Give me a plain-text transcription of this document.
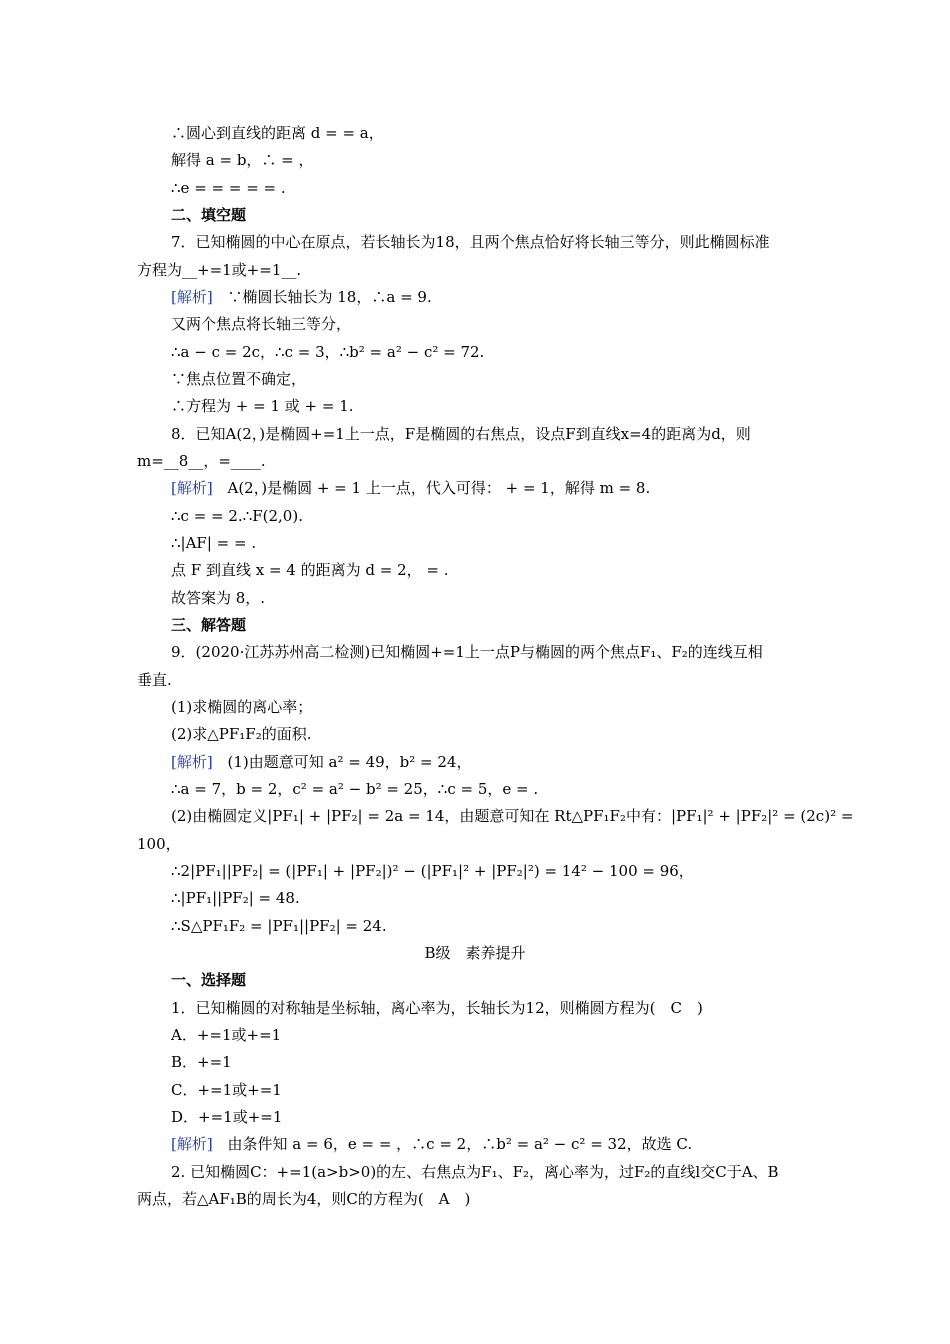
∴圆心到直线的距离 d = = a，
解得 a = b，∴ = ，
∴e = = = = = .
二、填空题
7．已知椭圆的中心在原点，若长轴长为18，且两个焦点恰好将长轴三等分，则此椭圆标准
方程为__+=1或+=1__.
[解析] ∵椭圆长轴长为 18，∴a = 9.
又两个焦点将长轴三等分，
∴a − c = 2c，∴c = 3，∴b² = a² − c² = 72.
∵焦点位置不确定，
∴方程为 + = 1 或 + = 1.
8．已知A(2，)是椭圆+=1上一点，F是椭圆的右焦点，设点F到直线x=4的距离为d，则
m=__8__，=____.
[解析] A(2，)是椭圆 + = 1 上一点，代入可得： + = 1，解得 m = 8.
∴c = = 2.∴F(2,0).
∴|AF| = = .
点 F 到直线 x = 4 的距离为 d = 2， = .
故答案为 8，.
三、解答题
9．(2020·江苏苏州高二检测)已知椭圆+=1上一点P与椭圆的两个焦点F₁、F₂的连线互相
垂直.
(1)求椭圆的离心率；
(2)求△PF₁F₂的面积.
[解析] (1)由题意可知 a² = 49，b² = 24，
∴a = 7，b = 2，c² = a² − b² = 25，∴c = 5，e = .
(2)由椭圆定义|PF₁| + |PF₂| = 2a = 14，由题意可知在 Rt△PF₁F₂中有：|PF₁|² + |PF₂|² = (2c)² =
100，
∴2|PF₁||PF₂| = (|PF₁| + |PF₂|)² − (|PF₁|² + |PF₂|²) = 14² − 100 = 96，
∴|PF₁||PF₂| = 48.
∴S△PF₁F₂ = |PF₁||PF₂| = 24.
B级　素养提升
一、选择题
1．已知椭圆的对称轴是坐标轴，离心率为，长轴长为12，则椭圆方程为(　C　)
A．+=1或+=1
B．+=1
C．+=1或+=1
D．+=1或+=1
[解析] 由条件知 a = 6，e = = ，∴c = 2，∴b² = a² − c² = 32，故选 C.
2. 已知椭圆C：+=1(a>b>0)的左、右焦点为F₁、F₂，离心率为，过F₂的直线l交C于A、B
两点，若△AF₁B的周长为4，则C的方程为(　A　)
